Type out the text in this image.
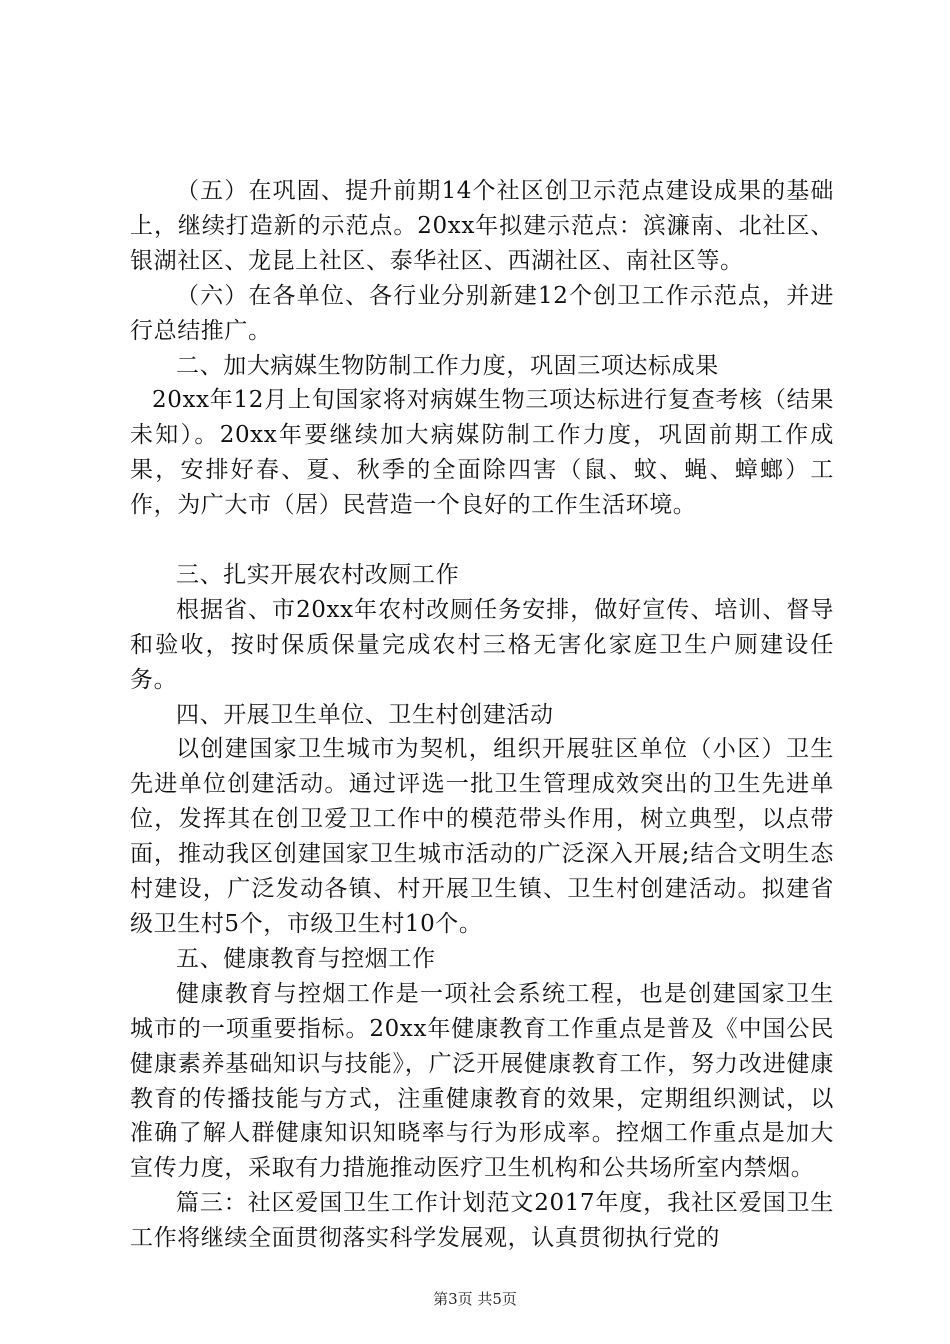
（五）在巩固、提升前期14个社区创卫示范点建设成果的基础上，继续打造新的示范点。20xx年拟建示范点：滨濂南、北社区、银湖社区、龙昆上社区、泰华社区、西湖社区、南社区等。

（六）在各单位、各行业分别新建12个创卫工作示范点，并进行总结推广。

二、加大病媒生物防制工作力度，巩固三项达标成果

20xx年12月上旬国家将对病媒生物三项达标进行复查考核（结果未知）。20xx年要继续加大病媒防制工作力度，巩固前期工作成果，安排好春、夏、秋季的全面除四害（鼠、蚊、蝇、蟑螂）工作，为广大市（居）民营造一个良好的工作生活环境。

三、扎实开展农村改厕工作

根据省、市20xx年农村改厕任务安排，做好宣传、培训、督导和验收，按时保质保量完成农村三格无害化家庭卫生户厕建设任务。

四、开展卫生单位、卫生村创建活动

以创建国家卫生城市为契机，组织开展驻区单位（小区）卫生先进单位创建活动。通过评选一批卫生管理成效突出的卫生先进单位，发挥其在创卫爱卫工作中的模范带头作用，树立典型，以点带面，推动我区创建国家卫生城市活动的广泛深入开展;结合文明生态村建设，广泛发动各镇、村开展卫生镇、卫生村创建活动。拟建省级卫生村5个，市级卫生村10个。

五、健康教育与控烟工作

健康教育与控烟工作是一项社会系统工程，也是创建国家卫生城市的一项重要指标。20xx年健康教育工作重点是普及《中国公民健康素养基础知识与技能》，广泛开展健康教育工作，努力改进健康教育的传播技能与方式，注重健康教育的效果，定期组织测试，以准确了解人群健康知识知晓率与行为形成率。控烟工作重点是加大宣传力度，采取有力措施推动医疗卫生机构和公共场所室内禁烟。

篇三：社区爱国卫生工作计划范文2017年度，我社区爱国卫生工作将继续全面贯彻落实科学发展观，认真贯彻执行党的

第3页 共5页
